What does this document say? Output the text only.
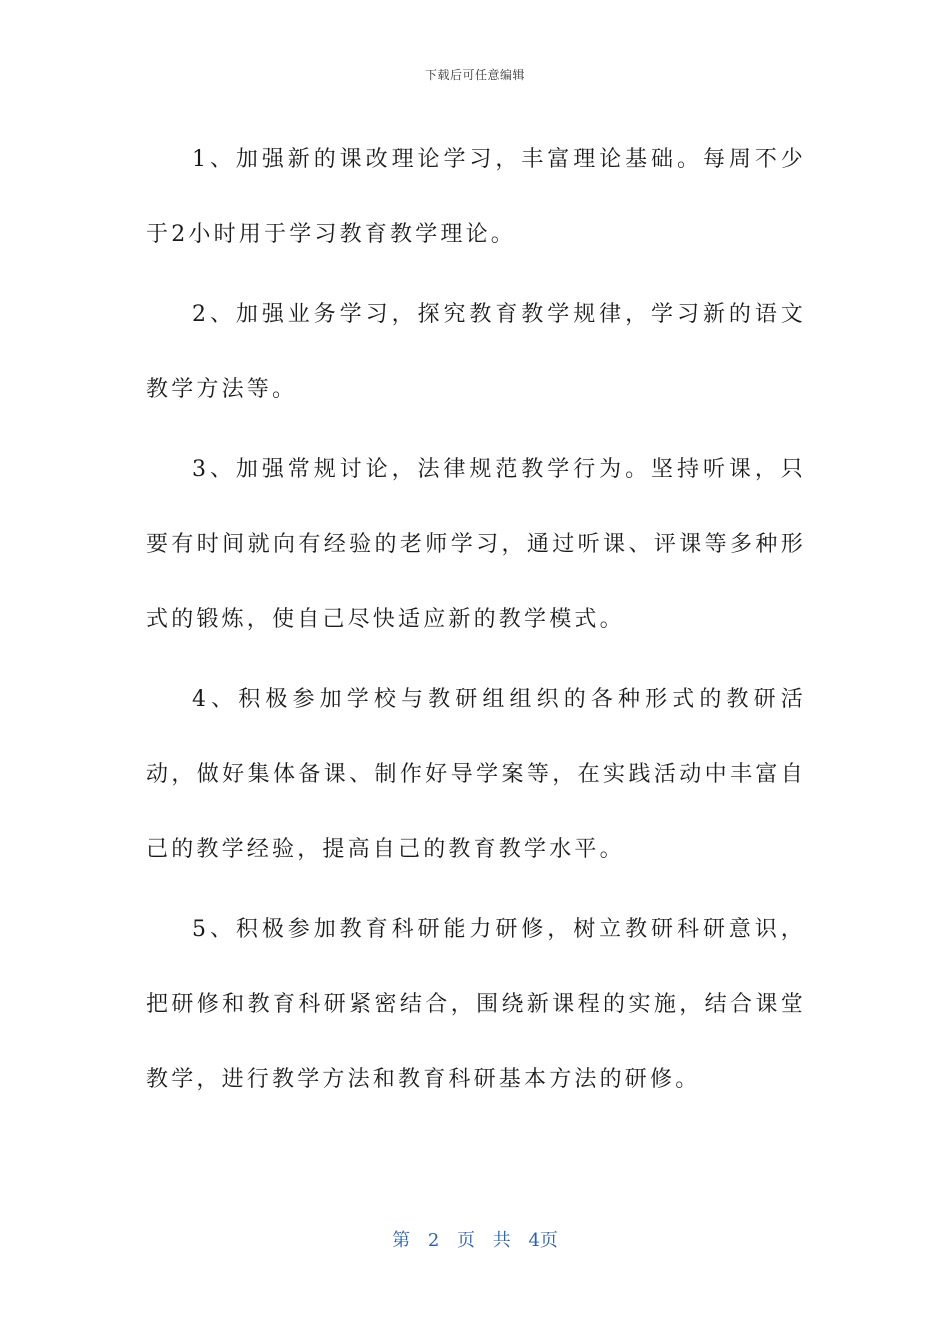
下载后可任意编辑

1、加强新的课改理论学习，丰富理论基础。每周不少于2小时用于学习教育教学理论。

2、加强业务学习，探究教育教学规律，学习新的语文教学方法等。

3、加强常规讨论，法律规范教学行为。坚持听课，只要有时间就向有经验的老师学习，通过听课、评课等多种形式的锻炼，使自己尽快适应新的教学模式。

4、积极参加学校与教研组组织的各种形式的教研活动，做好集体备课、制作好导学案等，在实践活动中丰富自己的教学经验，提高自己的教育教学水平。

5、积极参加教育科研能力研修，树立教研科研意识，把研修和教育科研紧密结合，围绕新课程的实施，结合课堂教学，进行教学方法和教育科研基本方法的研修。

第 2 页 共 4页
